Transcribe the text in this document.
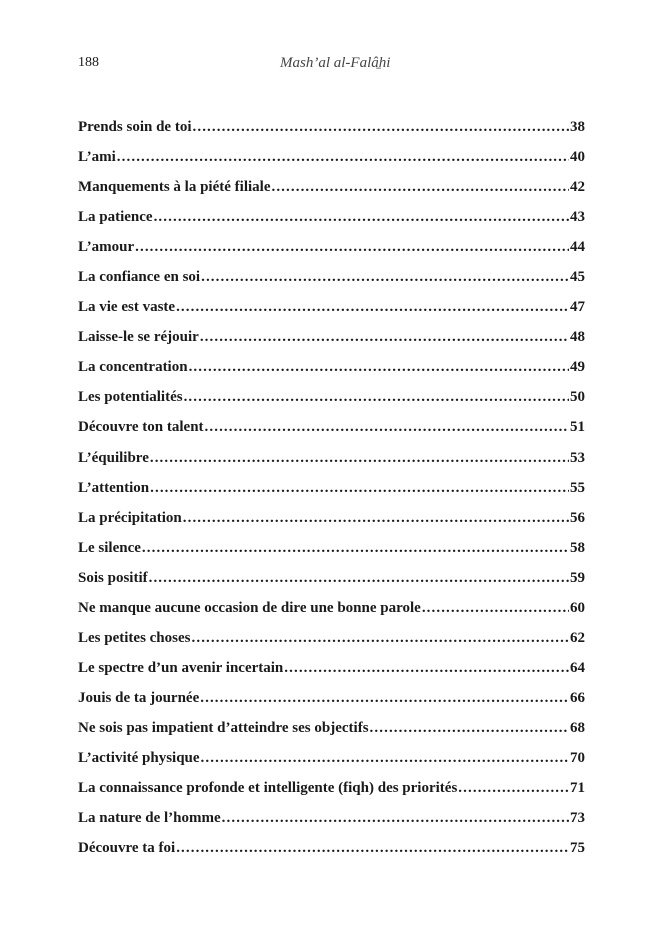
188	Mash’al al-Falâ̱hi
Prends soin de toi .....	38
L’ami .....	40
Manquements à la piété filiale .....	42
La patience .....	43
L’amour .....	44
La confiance en soi .....	45
La vie est vaste .....	47
Laisse-le se réjouir .....	48
La concentration .....	49
Les potentialités .....	50
Découvre ton talent .....	51
L’équilibre .....	53
L’attention .....	55
La précipitation .....	56
Le silence .....	58
Sois positif .....	59
Ne manque aucune occasion de dire une bonne parole .....	60
Les petites choses .....	62
Le spectre d’un avenir incertain .....	64
Jouis de ta journée .....	66
Ne sois pas impatient d’atteindre ses objectifs .....	68
L’activité physique .....	70
La connaissance profonde et intelligente (fiqh) des priorités .....	71
La nature de l’homme .....	73
Découvre ta foi .....	75
